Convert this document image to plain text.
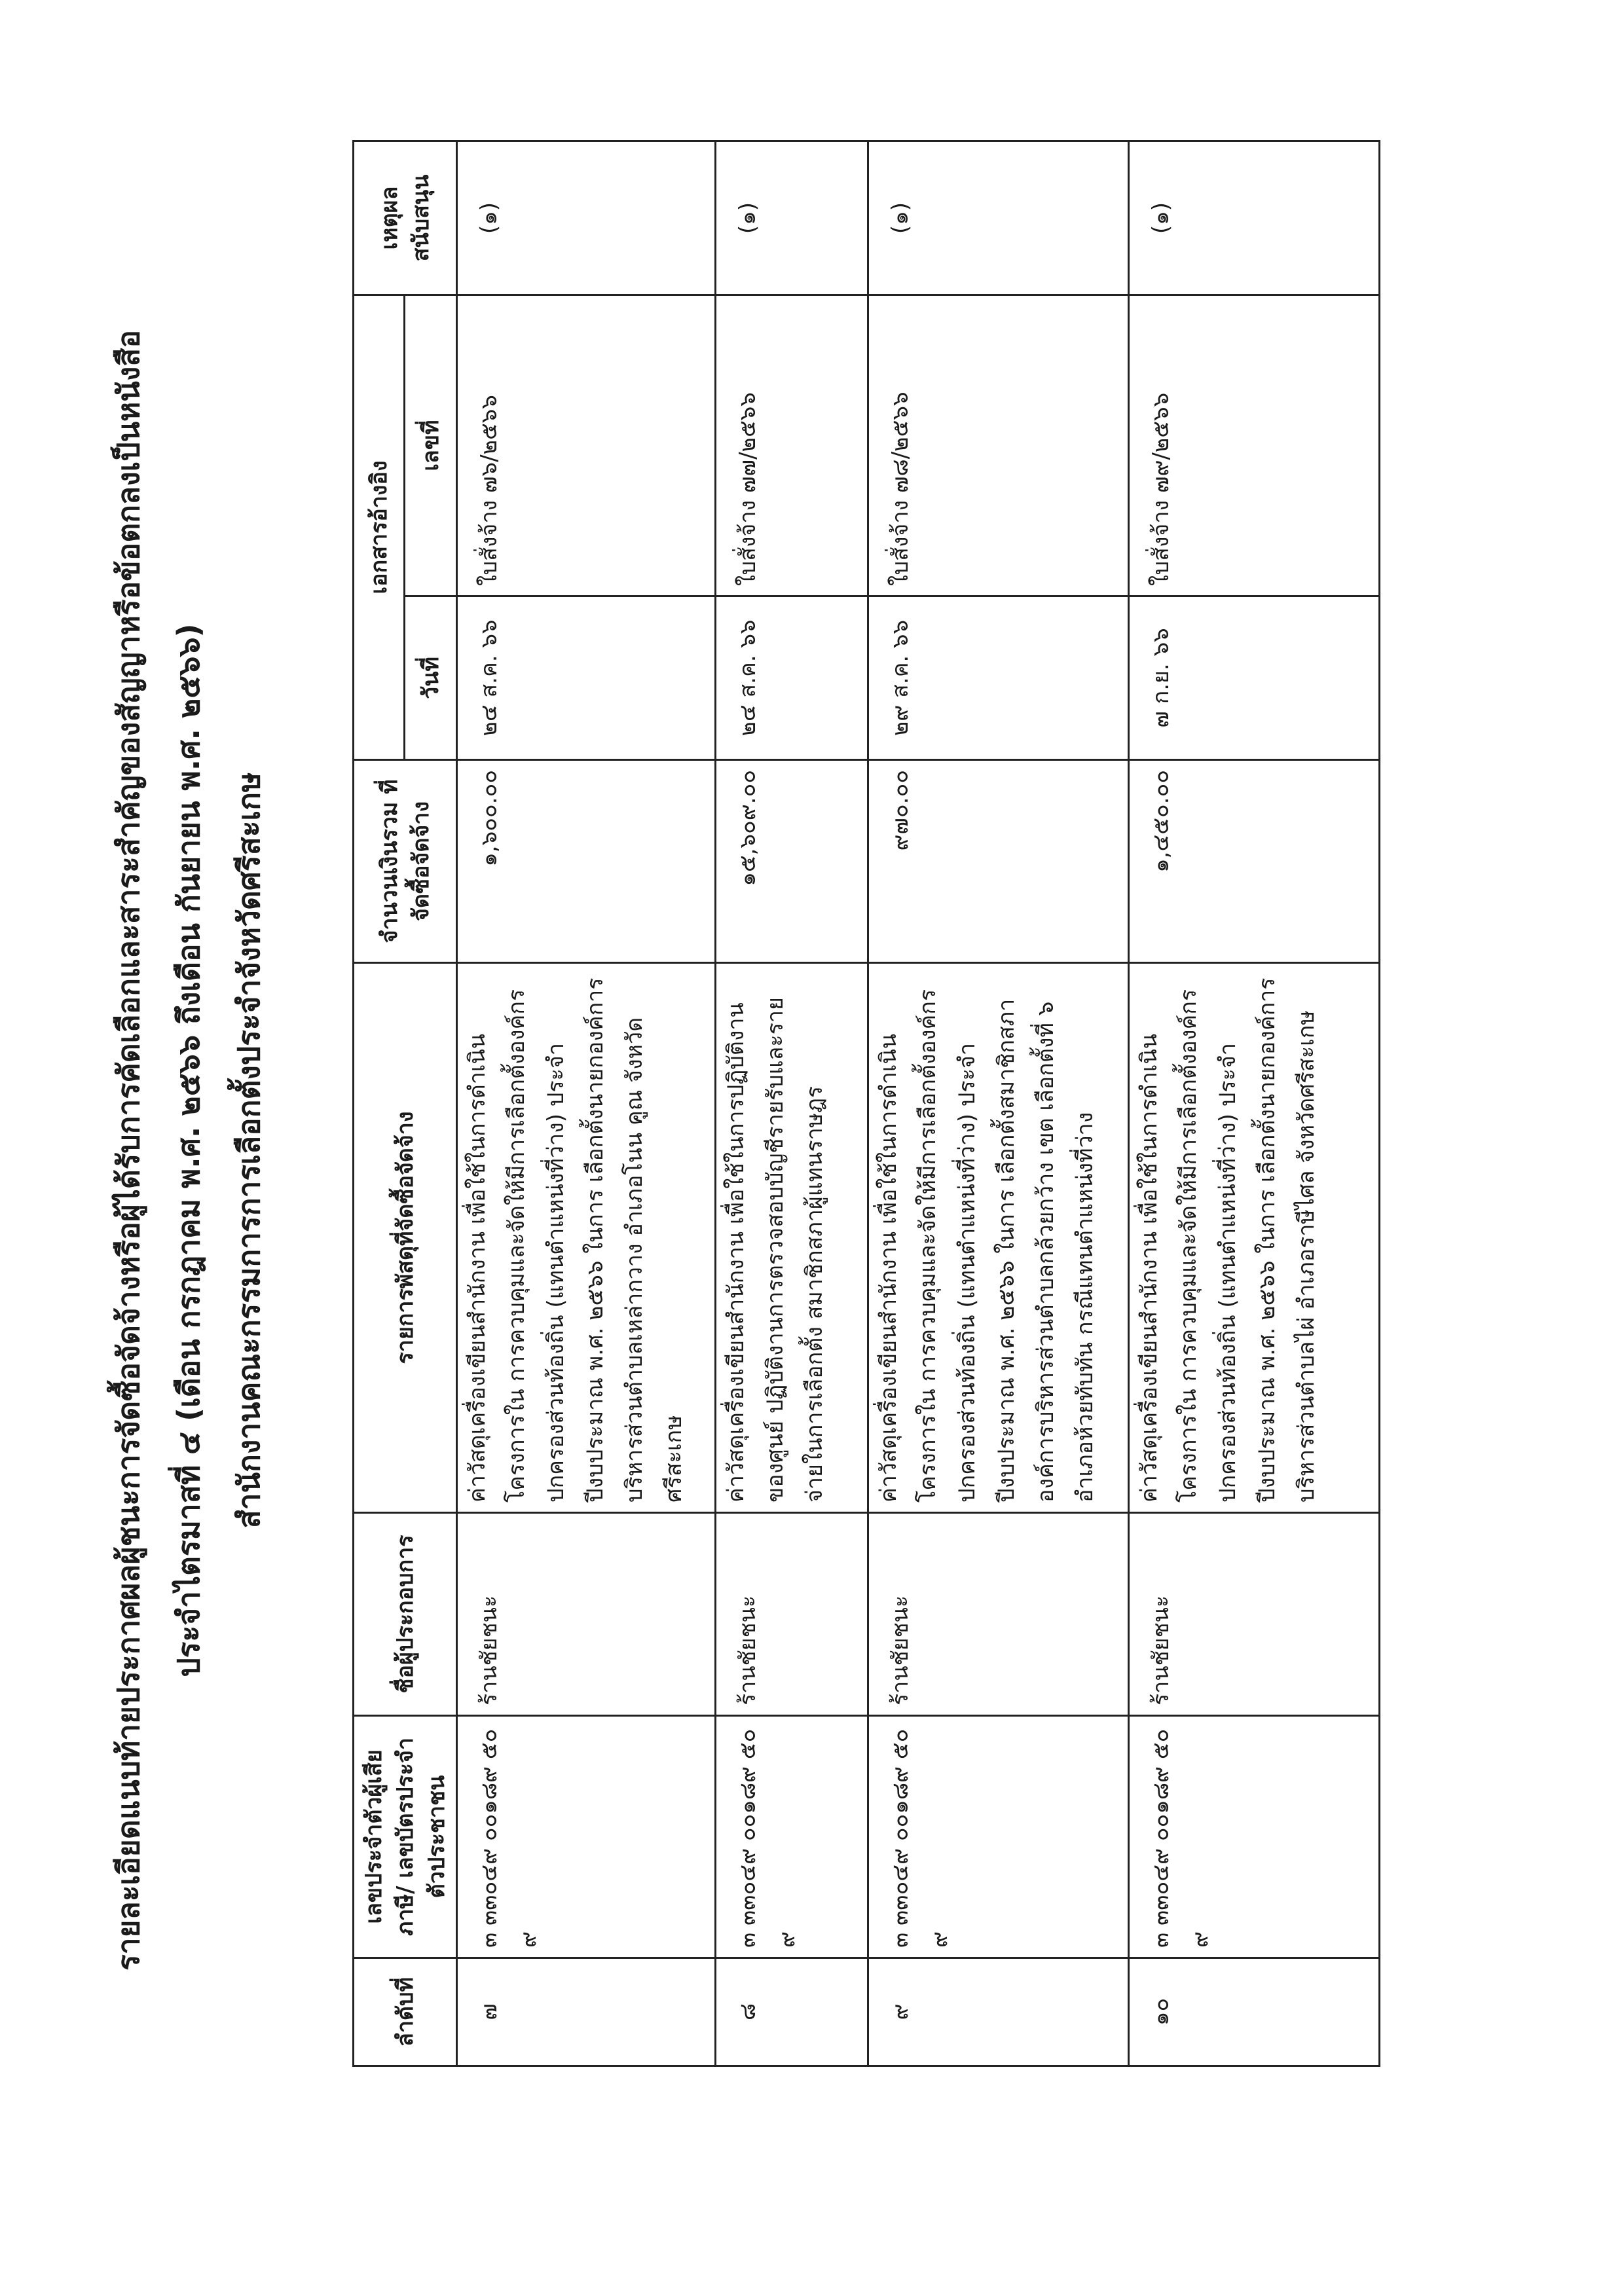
รายละเอียดแนบท้ายประกาศผลผู้ชนะการจัดซื้อจัดจ้างหรือผู้ได้รับการคัดเลือกและสาระสำคัญของสัญญาหรือข้อตกลงเป็นหนังสือ ประจำไตรมาสที่ ๔ (เดือน กรกฎาคม พ.ศ. ๒๕๖๖ ถึงเดือน กันยายน พ.ศ. ๒๕๖๖) สำนักงานคณะกรรมการการเลือกตั้งประจำจังหวัดศรีสะเกษ
ลำดับที่	เลขประจำตัวผู้เสียภาษี/ เลขบัตรประจำตัวประชาชน	ชื่อผู้ประกอบการ	รายการพัสดุที่จัดซื้อจัดจ้าง	จำนวนเงินรวม ที่จัดซื้อจัดจ้าง	เอกสารอ้างอิง		เหตุผล สนับสนุน
					วันที่	เลขที่	
๗	๓ ๓๓๐๔๙ ๐๐๑๘๙ ๕๐ ๙	ร้านชัยชนะ	ค่าวัสดุเครื่องเขียนสำนักงาน เพื่อใช้ในการดำเนินโครงการใน การควบคุมและจัดให้มีการเลือกตั้งองค์กรปกครองส่วนท้องถิ่น (แทนตำแหน่งที่ว่าง) ประจำปีงบประมาณ พ.ศ. ๒๕๖๖ ในการ เลือกตั้งนายกองค์การบริหารส่วนตำบลเหล่ากวาง อำเภอโนน คูณ จังหวัดศรีสะเกษ	๑,๖๐๐.๐๐	๒๔ ส.ค. ๖๖	ใบสั่งจ้าง ๗๖/๒๕๖๖	(๑)
๘	๓ ๓๓๐๔๙ ๐๐๑๘๙ ๕๐ ๙	ร้านชัยชนะ	ค่าวัสดุเครื่องเขียนสำนักงาน เพื่อใช้ในการปฏิบัติงานของศูนย์ ปฏิบัติงานการตรวจสอบบัญชีรายรับและรายจ่ายในการเลือกตั้ง สมาชิกสภาผู้แทนราษฎร	๑๕,๖๐๙.๐๐	๒๔ ส.ค. ๖๖	ใบสั่งจ้าง ๗๗/๒๕๖๖	(๑)
๙	๓ ๓๓๐๔๙ ๐๐๑๘๙ ๕๐ ๙	ร้านชัยชนะ	ค่าวัสดุเครื่องเขียนสำนักงาน เพื่อใช้ในการดำเนินโครงการใน การควบคุมและจัดให้มีการเลือกตั้งองค์กรปกครองส่วนท้องถิ่น (แทนตำแหน่งที่ว่าง) ประจำปีงบประมาณ พ.ศ. ๒๕๖๖ ในการ เลือกตั้งสมาชิกสภาองค์การบริหารส่วนตำบลกล้วยกว้าง เขต เลือกตั้งที่ ๖ อำเภอห้วยทับทัน กรณีแทนตำแหน่งที่ว่าง	๙๗๐.๐๐	๒๙ ส.ค. ๖๖	ใบสั่งจ้าง ๗๘/๒๕๖๖	(๑)
๑๐	๓ ๓๓๐๔๙ ๐๐๑๘๙ ๕๐ ๙	ร้านชัยชนะ	ค่าวัสดุเครื่องเขียนสำนักงาน เพื่อใช้ในการดำเนินโครงการใน การควบคุมและจัดให้มีการเลือกตั้งองค์กรปกครองส่วนท้องถิ่น (แทนตำแหน่งที่ว่าง) ประจำปีงบประมาณ พ.ศ. ๒๕๖๖ ในการ เลือกตั้งนายกองค์การบริหารส่วนตำบลไผ่ อำเภอราษีไศล จังหวัดศรีสะเกษ	๑,๔๕๐.๐๐	๗ ก.ย. ๖๖	ใบสั่งจ้าง ๗๙/๒๕๖๖	(๑)
